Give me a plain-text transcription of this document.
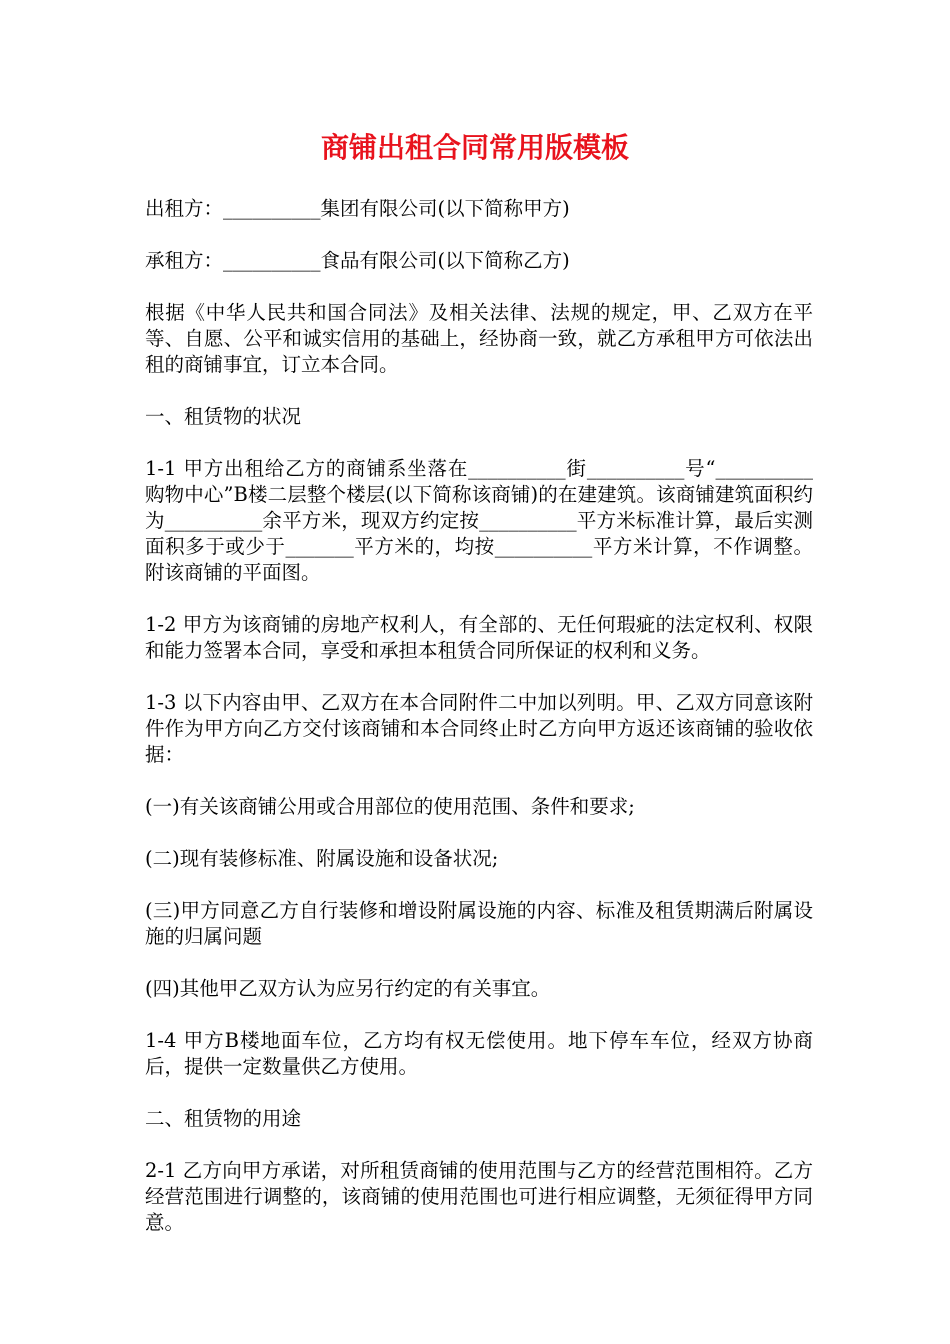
商铺出租合同常用版模板

出租方：__________集团有限公司(以下简称甲方)

承租方：__________食品有限公司(以下简称乙方)

根据《中华人民共和国合同法》及相关法律、法规的规定，甲、乙双方在平等、自愿、公平和诚实信用的基础上，经协商一致，就乙方承租甲方可依法出租的商铺事宜，订立本合同。

一、租赁物的状况

1-1 甲方出租给乙方的商铺系坐落在__________街__________号“__________购物中心”B楼二层整个楼层(以下简称该商铺)的在建建筑。该商铺建筑面积约为__________余平方米，现双方约定按__________平方米标准计算，最后实测面积多于或少于_______平方米的，均按__________平方米计算，不作调整。附该商铺的平面图。

1-2 甲方为该商铺的房地产权利人，有全部的、无任何瑕疵的法定权利、权限和能力签署本合同，享受和承担本租赁合同所保证的权利和义务。

1-3 以下内容由甲、乙双方在本合同附件二中加以列明。甲、乙双方同意该附件作为甲方向乙方交付该商铺和本合同终止时乙方向甲方返还该商铺的验收依据：

(一)有关该商铺公用或合用部位的使用范围、条件和要求;

(二)现有装修标准、附属设施和设备状况;

(三)甲方同意乙方自行装修和增设附属设施的内容、标准及租赁期满后附属设施的归属问题

(四)其他甲乙双方认为应另行约定的有关事宜。

1-4 甲方B楼地面车位，乙方均有权无偿使用。地下停车车位，经双方协商后，提供一定数量供乙方使用。

二、租赁物的用途

2-1 乙方向甲方承诺，对所租赁商铺的使用范围与乙方的经营范围相符。乙方经营范围进行调整的，该商铺的使用范围也可进行相应调整，无须征得甲方同意。
